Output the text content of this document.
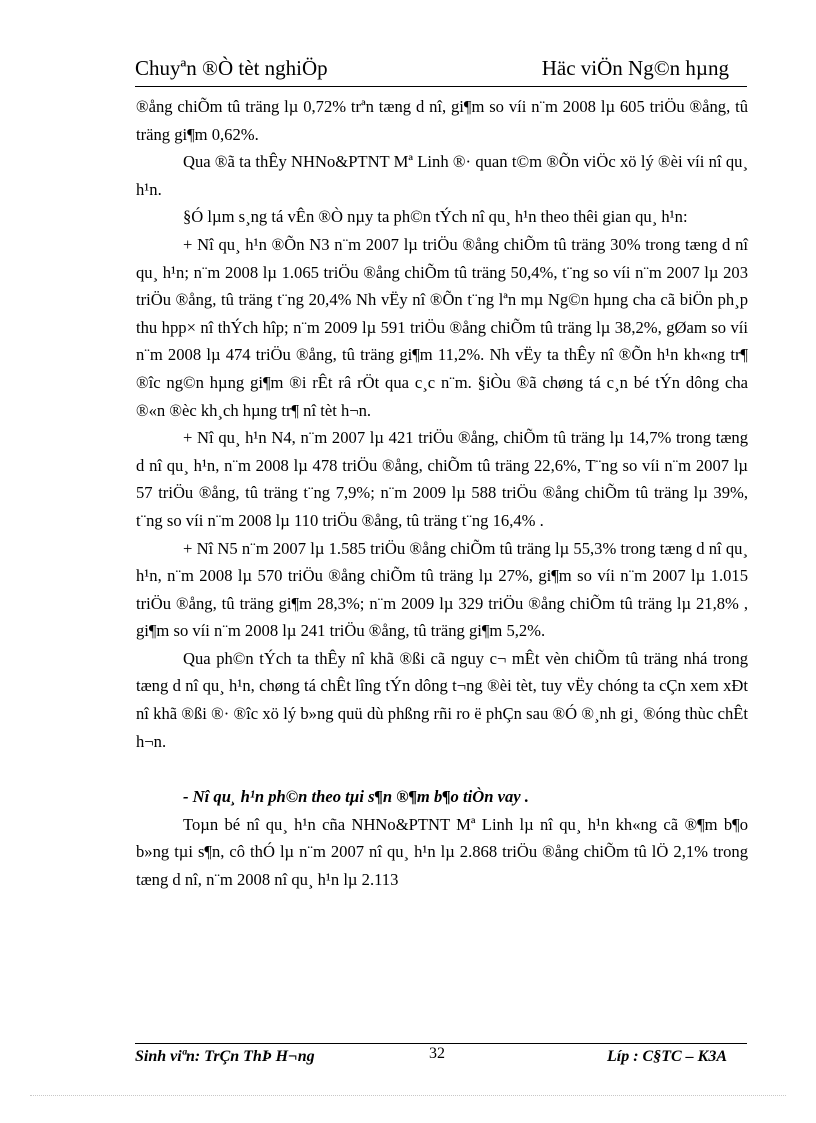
Chuyªn ®Ò tèt nghiÖp	Häc viÖn Ng©n hµng

®ång chiÕm tû träng lµ 0,72% trªn tæng d nî, gi¶m so víi n¨m 2008 lµ 605 triÖu ®ång, tû träng gi¶m 0,62%.

Qua ®ã ta thÊy NHNo&PTNT Mª Linh ®· quan t©m ®Õn viÖc xö lý ®èi víi nî qu¸ h¹n.

§Ó lµm s¸ng tá vÊn ®Ò nµy ta ph©n tÝch nî qu¸ h¹n theo thêi gian qu¸ h¹n:

+ Nî qu¸ h¹n ®Õn N3 n¨m 2007 lµ triÖu ®ång chiÕm tû träng 30% trong tæng d nî qu¸ h¹n; n¨m 2008 lµ 1.065 triÖu ®ång chiÕm tû träng 50,4%, t¨ng so víi n¨m 2007 lµ 203 triÖu ®ång, tû träng t¨ng 20,4% Nh vËy nî ®Õn t¨ng lªn mµ Ng©n hµng cha cã biÖn ph¸p thu hpp× nî thÝch hîp; n¨m 2009 lµ 591 triÖu ®ång chiÕm tû träng lµ 38,2%, gØam so víi n¨m 2008 lµ 474 triÖu ®ång, tû träng gi¶m 11,2%. Nh vËy ta thÊy nî ®Õn h¹n kh«ng tr¶ ®îc ng©n hµng gi¶m ®i rÊt râ rÖt qua c¸c n¨m. §iÒu ®ã chøng tá c¸n bé tÝn dông cha ®«n ®èc kh¸ch hµng tr¶ nî tèt h¬n.

+ Nî qu¸ h¹n N4, n¨m 2007 lµ 421 triÖu ®ång, chiÕm tû träng lµ 14,7% trong tæng d nî qu¸ h¹n, n¨m 2008 lµ 478 triÖu ®ång, chiÕm tû träng 22,6%, T¨ng so víi n¨m 2007 lµ 57 triÖu ®ång, tû träng t¨ng 7,9%; n¨m 2009 lµ 588 triÖu ®ång chiÕm tû träng lµ 39%, t¨ng so víi n¨m 2008 lµ 110 triÖu ®ång, tû träng t¨ng 16,4% .

+ Nî N5 n¨m 2007 lµ 1.585 triÖu ®ång chiÕm tû träng lµ 55,3% trong tæng d nî qu¸ h¹n, n¨m 2008 lµ 570 triÖu ®ång chiÕm tû träng lµ 27%, gi¶m so víi n¨m 2007 lµ 1.015 triÖu ®ång, tû träng gi¶m 28,3%; n¨m 2009 lµ 329 triÖu ®ång chiÕm tû träng lµ 21,8% , gi¶m so víi n¨m 2008 lµ 241 triÖu ®ång, tû träng gi¶m 5,2%.

Qua ph©n tÝch ta thÊy nî khã ®ßi cã nguy c¬ mÊt vèn chiÕm tû träng nhá trong tæng d nî qu¸ h¹n, chøng tá chÊt lîng tÝn dông t¬ng ®èi tèt, tuy vËy chóng ta cÇn xem xÐt nî khã ®ßi ®· ®îc xö lý b»ng quü dù phßng rñi ro ë phÇn sau ®Ó ®¸nh gi¸ ®óng thùc chÊt h¬n.

- Nî qu¸ h¹n ph©n theo tµi s¶n ®¶m b¶o tiÒn vay .

Toµn bé nî qu¸ h¹n cña NHNo&PTNT Mª Linh lµ nî qu¸ h¹n kh«ng cã ®¶m b¶o b»ng tµi s¶n, cô thÓ lµ n¨m 2007 nî qu¸ h¹n lµ 2.868 triÖu ®ång chiÕm tû lÖ 2,1% trong tæng d nî, n¨m 2008 nî qu¸ h¹n lµ 2.113

Sinh viªn: TrÇn ThÞ H¬ng	32	Líp : C§TC – K3A
